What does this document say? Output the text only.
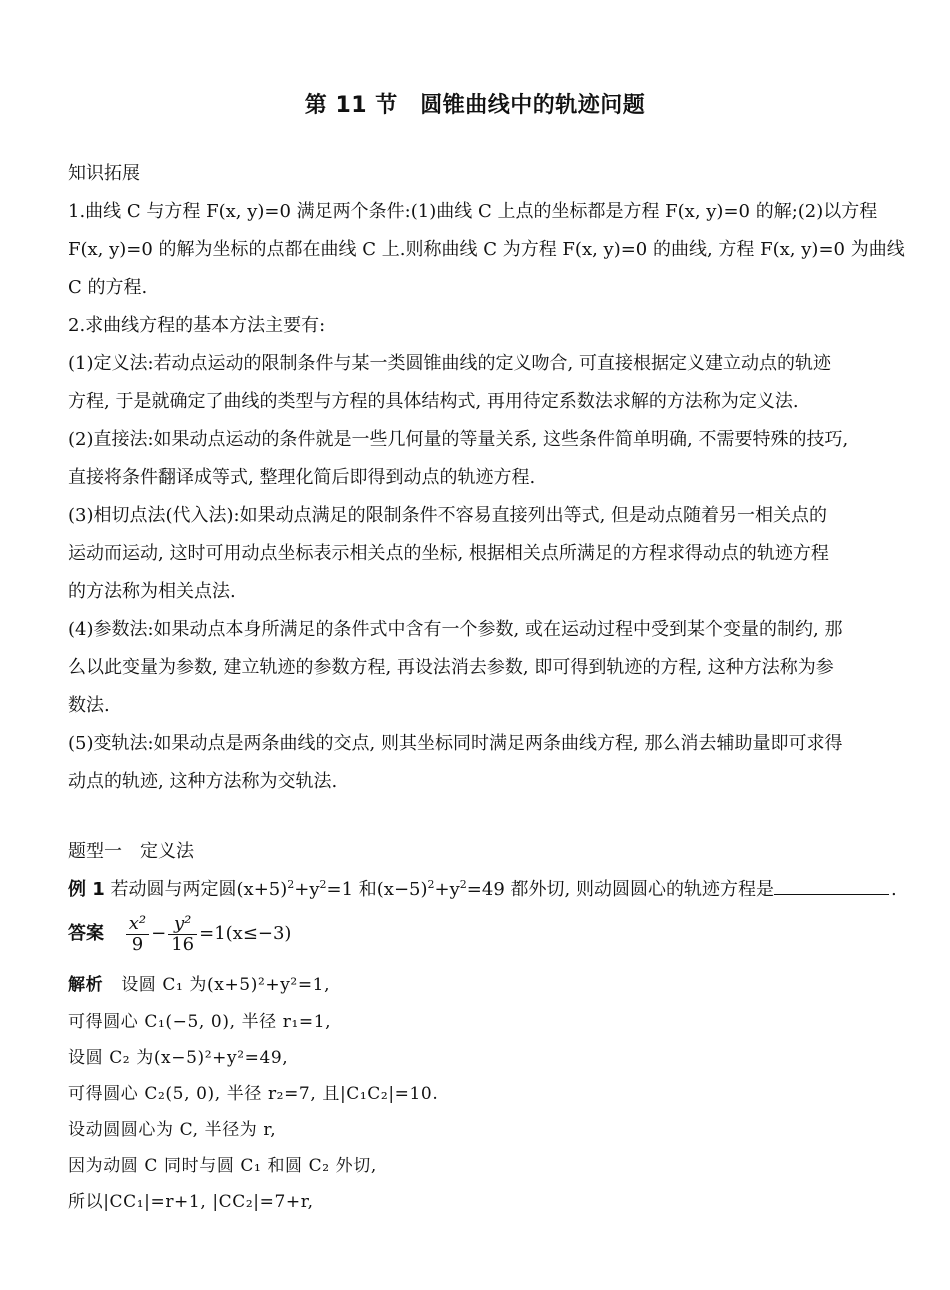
第 11 节　圆锥曲线中的轨迹问题
知识拓展
1.曲线 C 与方程 F(x, y)=0 满足两个条件:(1)曲线 C 上点的坐标都是方程 F(x, y)=0 的解;(2)以方程
F(x, y)=0 的解为坐标的点都在曲线 C 上.则称曲线 C 为方程 F(x, y)=0 的曲线, 方程 F(x, y)=0 为曲线
C 的方程.
2.求曲线方程的基本方法主要有:
(1)定义法:若动点运动的限制条件与某一类圆锥曲线的定义吻合, 可直接根据定义建立动点的轨迹
方程, 于是就确定了曲线的类型与方程的具体结构式, 再用待定系数法求解的方法称为定义法.
(2)直接法:如果动点运动的条件就是一些几何量的等量关系, 这些条件简单明确, 不需要特殊的技巧,
直接将条件翻译成等式, 整理化简后即得到动点的轨迹方程.
(3)相切点法(代入法):如果动点满足的限制条件不容易直接列出等式, 但是动点随着另一相关点的
运动而运动, 这时可用动点坐标表示相关点的坐标, 根据相关点所满足的方程求得动点的轨迹方程
的方法称为相关点法.
(4)参数法:如果动点本身所满足的条件式中含有一个参数, 或在运动过程中受到某个变量的制约, 那
么以此变量为参数, 建立轨迹的参数方程, 再设法消去参数, 即可得到轨迹的方程, 这种方法称为参
数法.
(5)变轨法:如果动点是两条曲线的交点, 则其坐标同时满足两条曲线方程, 那么消去辅助量即可求得
动点的轨迹, 这种方法称为交轨法.
题型一　定义法
例 1 若动圆与两定圆$(x+5)^2+y^2=1$ 和$(x-5)^2+y^2=49$ 都外切, 则动圆圆心的轨迹方程是	.
答案 $\frac{\text{x²}}{9} - \frac{\text{y²}}{16} =1(x\le-3)$
解析 设圆 C₁ 为(x+5)²+y²=1,
可得圆心 C₁(−5, 0), 半径 r₁=1,
设圆 C₂ 为(x−5)²+y²=49,
可得圆心 C₂(5, 0), 半径 r₂=7, 且|C₁C₂|=10.
设动圆圆心为 C, 半径为 r,
因为动圆 C 同时与圆 C₁ 和圆 C₂ 外切,
所以|CC₁|=r+1, |CC₂|=7+r,
